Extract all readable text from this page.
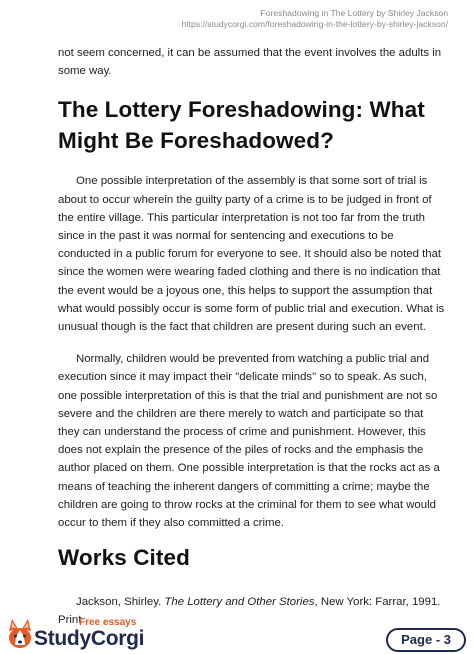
Foreshadowing in The Lottery by Shirley Jackson
https://studycorgi.com/foreshadowing-in-the-lottery-by-shirley-jackson/

not seem concerned, it can be assumed that the event involves the adults in some way.

The Lottery Foreshadowing: What Might Be Foreshadowed?

One possible interpretation of the assembly is that some sort of trial is about to occur wherein the guilty party of a crime is to be judged in front of the entire village. This particular interpretation is not too far from the truth since in the past it was normal for sentencing and executions to be conducted in a public forum for everyone to see. It should also be noted that since the women were wearing faded clothing and there is no indication that the event would be a joyous one, this helps to support the assumption that what would possibly occur is some form of public trial and execution. What is unusual though is the fact that children are present during such an event.

Normally, children would be prevented from watching a public trial and execution since it may impact their "delicate minds" so to speak. As such, one possible interpretation of this is that the trial and punishment are not so severe and the children are there merely to watch and participate so that they can understand the process of crime and punishment. However, this does not explain the presence of the piles of rocks and the emphasis the author placed on them. One possible interpretation is that the rocks act as a means of teaching the inherent dangers of committing a crime; maybe the children are going to throw rocks at the criminal for them to see what would occur to them if they also committed a crime.

Works Cited

Jackson, Shirley. The Lottery and Other Stories, New York: Farrar, 1991. Print

Free essays
StudyCorgi	Page - 3
